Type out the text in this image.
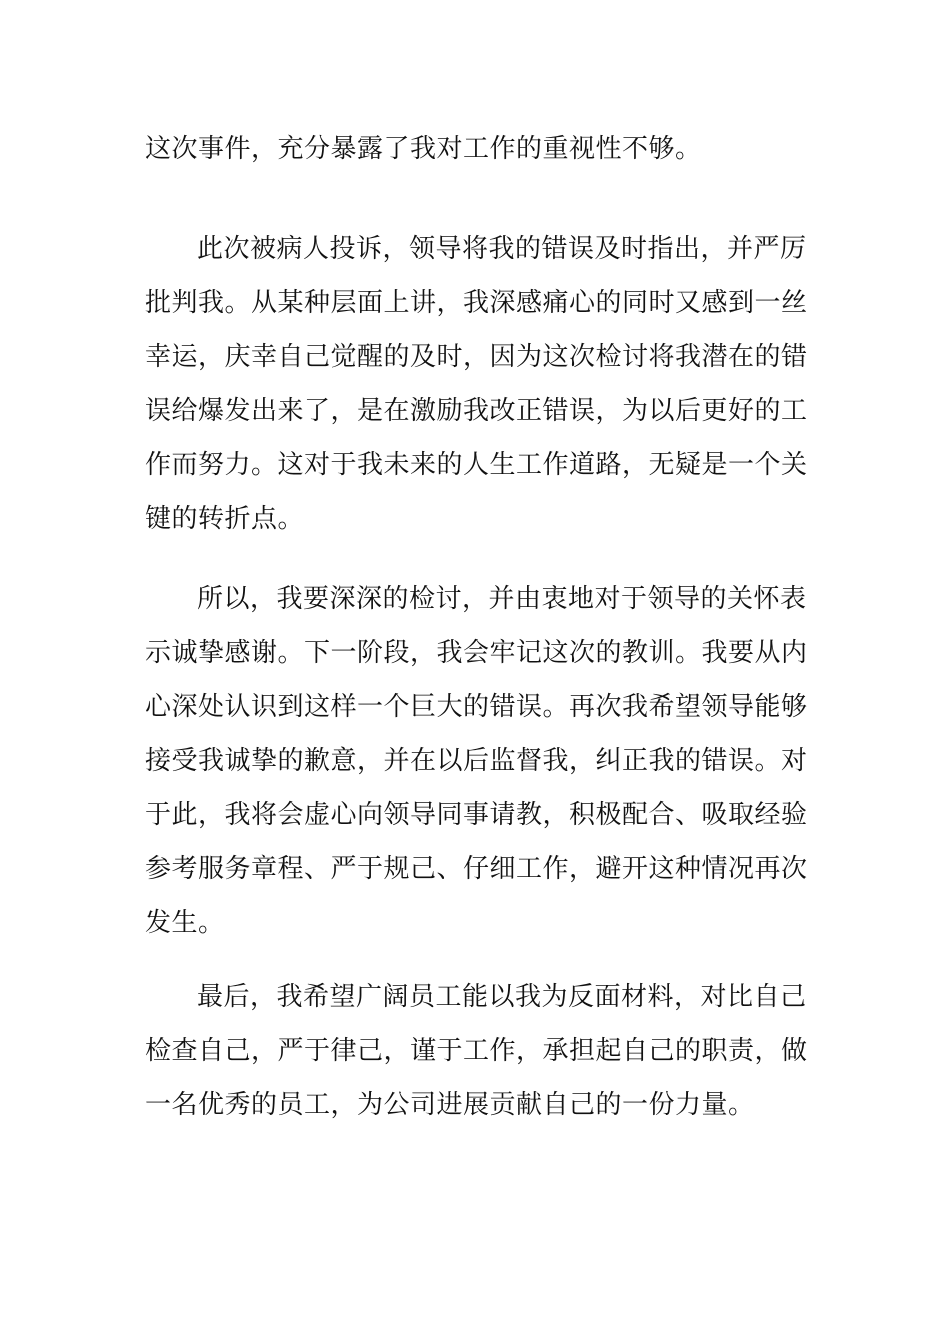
这次事件，充分暴露了我对工作的重视性不够。
此次被病人投诉，领导将我的错误及时指出，并严厉
批判我。从某种层面上讲，我深感痛心的同时又感到一丝
幸运，庆幸自己觉醒的及时，因为这次检讨将我潜在的错
误给爆发出来了，是在激励我改正错误，为以后更好的工
作而努力。这对于我未来的人生工作道路，无疑是一个关
键的转折点。
所以，我要深深的检讨，并由衷地对于领导的关怀表
示诚挚感谢。下一阶段，我会牢记这次的教训。我要从内
心深处认识到这样一个巨大的错误。再次我希望领导能够
接受我诚挚的歉意，并在以后监督我，纠正我的错误。对
于此，我将会虚心向领导同事请教，积极配合、吸取经验
参考服务章程、严于规己、仔细工作，避开这种情况再次
发生。
最后，我希望广阔员工能以我为反面材料，对比自己
检查自己，严于律己，谨于工作，承担起自己的职责，做
一名优秀的员工，为公司进展贡献自己的一份力量。
